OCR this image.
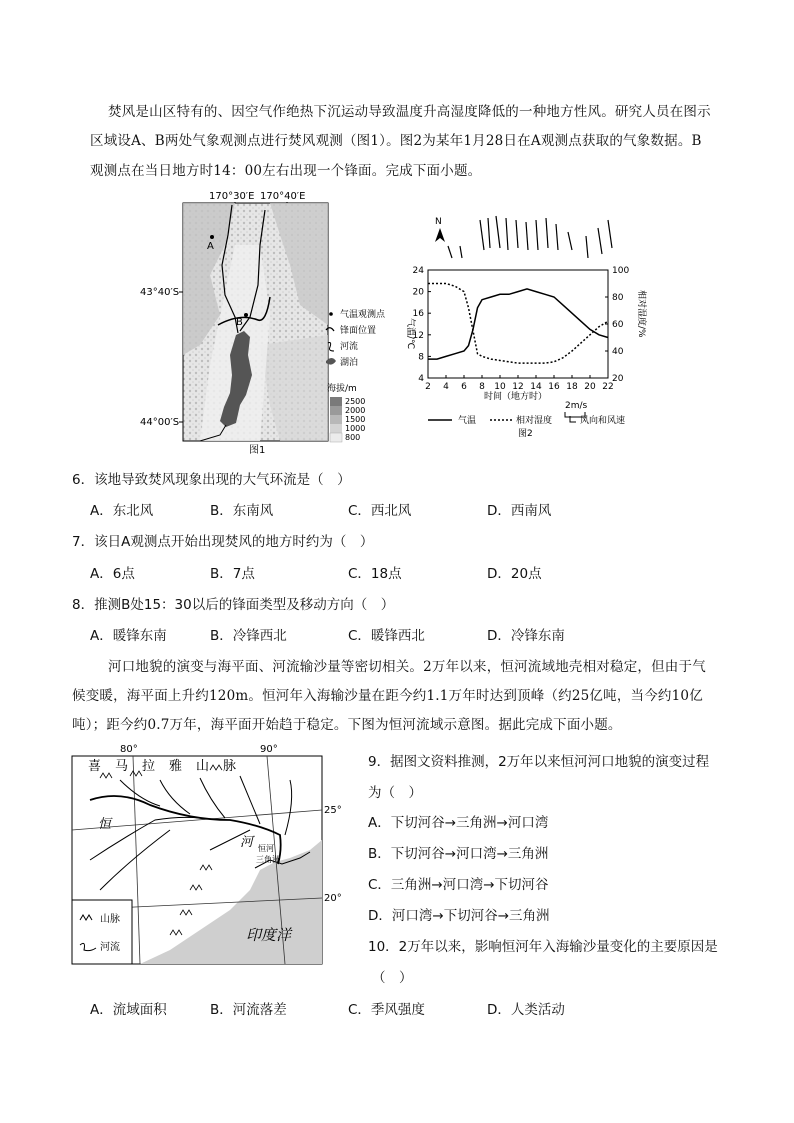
焚风是山区特有的、因空气作绝热下沉运动导致温度升高湿度降低的一种地方性风。研究人员在图示
区域设A、B两处气象观测点进行焚风观测（图1）。图2为某年1月28日在A观测点获取的气象数据。B
观测点在当日地方时14：00左右出现一个锋面。完成下面小题。
170°30′E 170°40′E
A
B
43°40′S
44°00′S
图1
气温观测点
锋面位置
河流
湖泊
海拔/m
2500
2000
1500
1000
800
N
24
20
16
12
8
4
100
80
60
40
20
2 4 6 8 10 12 14 16 18 20 22
气温/℃	相对湿度/%
时间（地方时）
2m/s
气温	相对湿度	风向和风速
图2
6．该地导致焚风现象出现的大气环流是（　）
A．东北风	B．东南风	C．西北风	D．西南风
7．该日A观测点开始出现焚风的地方时约为（　）
A．6点	B．7点	C．18点	D．20点
8．推测B处15：30以后的锋面类型及移动方向（　）
A．暖锋东南	B．冷锋西北	C．暖锋西北	D．冷锋东南
河口地貌的演变与海平面、河流输沙量等密切相关。2万年以来，恒河流域地壳相对稳定，但由于气
候变暖，海平面上升约120m。恒河年入海输沙量在距今约1.1万年时达到顶峰（约25亿吨，当今约10亿
吨）；距今约0.7万年，海平面开始趋于稳定。下图为恒河流域示意图。据此完成下面小题。
80°	90°
25°
20°
喜马拉雅山脉
恒
河 恒河
三角洲
印度洋
山脉
河流
9．据图文资料推测，2万年以来恒河河口地貌的演变过程
为（　）
A．下切河谷→三角洲→河口湾
B．下切河谷→河口湾→三角洲
C．三角洲→河口湾→下切河谷
D．河口湾→下切河谷→三角洲
10．2万年以来，影响恒河年入海输沙量变化的主要原因是
（　）
A．流域面积	B．河流落差	C．季风强度	D．人类活动
